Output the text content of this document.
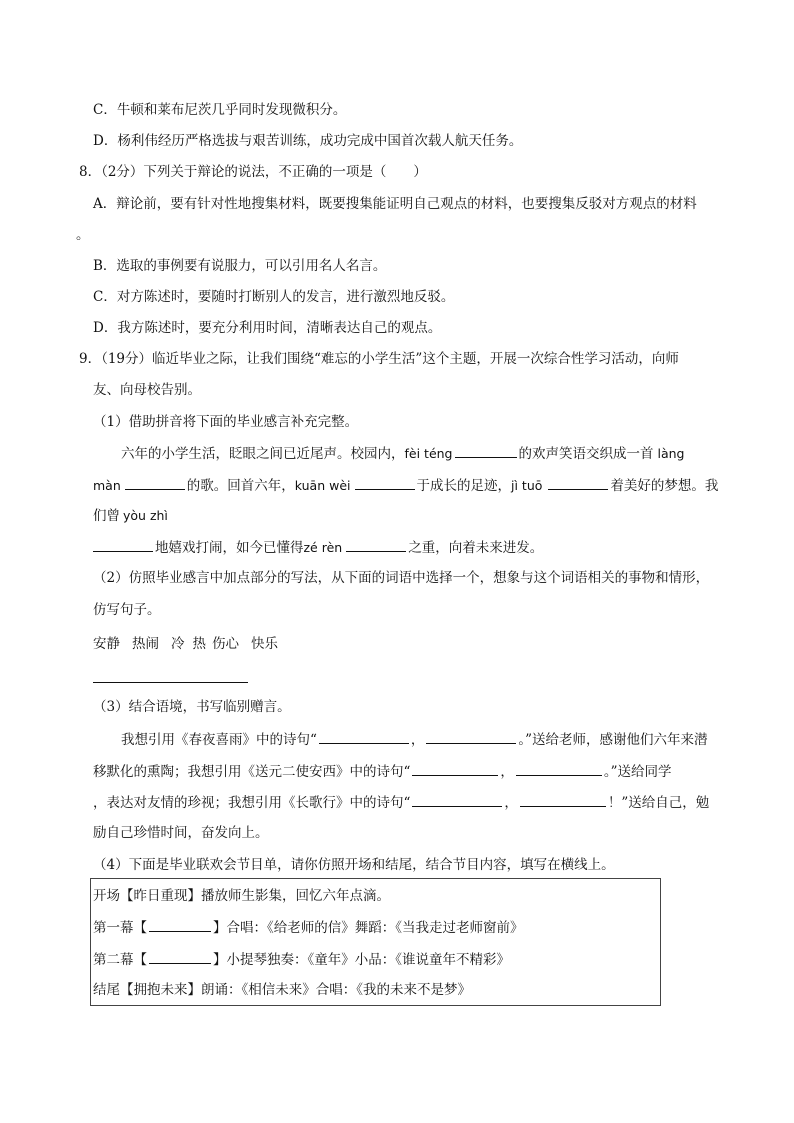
C．牛顿和莱布尼茨几乎同时发现微积分。
D．杨利伟经历严格选拔与艰苦训练，成功完成中国首次载人航天任务。
8．（2分）下列关于辩论的说法，不正确的一项是（　　）
A．辩论前，要有针对性地搜集材料，既要搜集能证明自己观点的材料，也要搜集反驳对方观点的材料
。
B．选取的事例要有说服力，可以引用名人名言。
C．对方陈述时，要随时打断别人的发言，进行激烈地反驳。
D．我方陈述时，要充分利用时间，清晰表达自己的观点。
9．（19分）临近毕业之际，让我们围绕“难忘的小学生活”这个主题，开展一次综合性学习活动，向师
友、向母校告别。
（1）借助拼音将下面的毕业感言补充完整。
六年的小学生活，眨眼之间已近尾声。校园内，fèi téng	的欢声笑语交织成一首 làng
màn	的歌。回首六年，kuān wèi	于成长的足迹，jì tuō	着美好的梦想。我
们曾 yòu zhì
地嬉戏打闹，如今已懂得zé rèn	之重，向着未来进发。
（2）仿照毕业感言中加点部分的写法，从下面的词语中选择一个，想象与这个词语相关的事物和情形，
仿写句子。
安静 热闹 冷 热 伤心 快乐
（3）结合语境，书写临别赠言。
我想引用《春夜喜雨》中的诗句“	，	。”送给老师，感谢他们六年来潜
移默化的熏陶；我想引用《送元二使安西》中的诗句“	，	。”送给同学
，表达对友情的珍视；我想引用《长歌行》中的诗句“	，	！”送给自己，勉
励自己珍惜时间，奋发向上。
（4）下面是毕业联欢会节目单，请你仿照开场和结尾，结合节目内容，填写在横线上。
开场【昨日重现】播放师生影集，回忆六年点滴。
第一幕【	】合唱：《给老师的信》舞蹈：《当我走过老师窗前》
第二幕【	】小提琴独奏：《童年》小品：《谁说童年不精彩》
结尾【拥抱未来】朗诵：《相信未来》合唱：《我的未来不是梦》
